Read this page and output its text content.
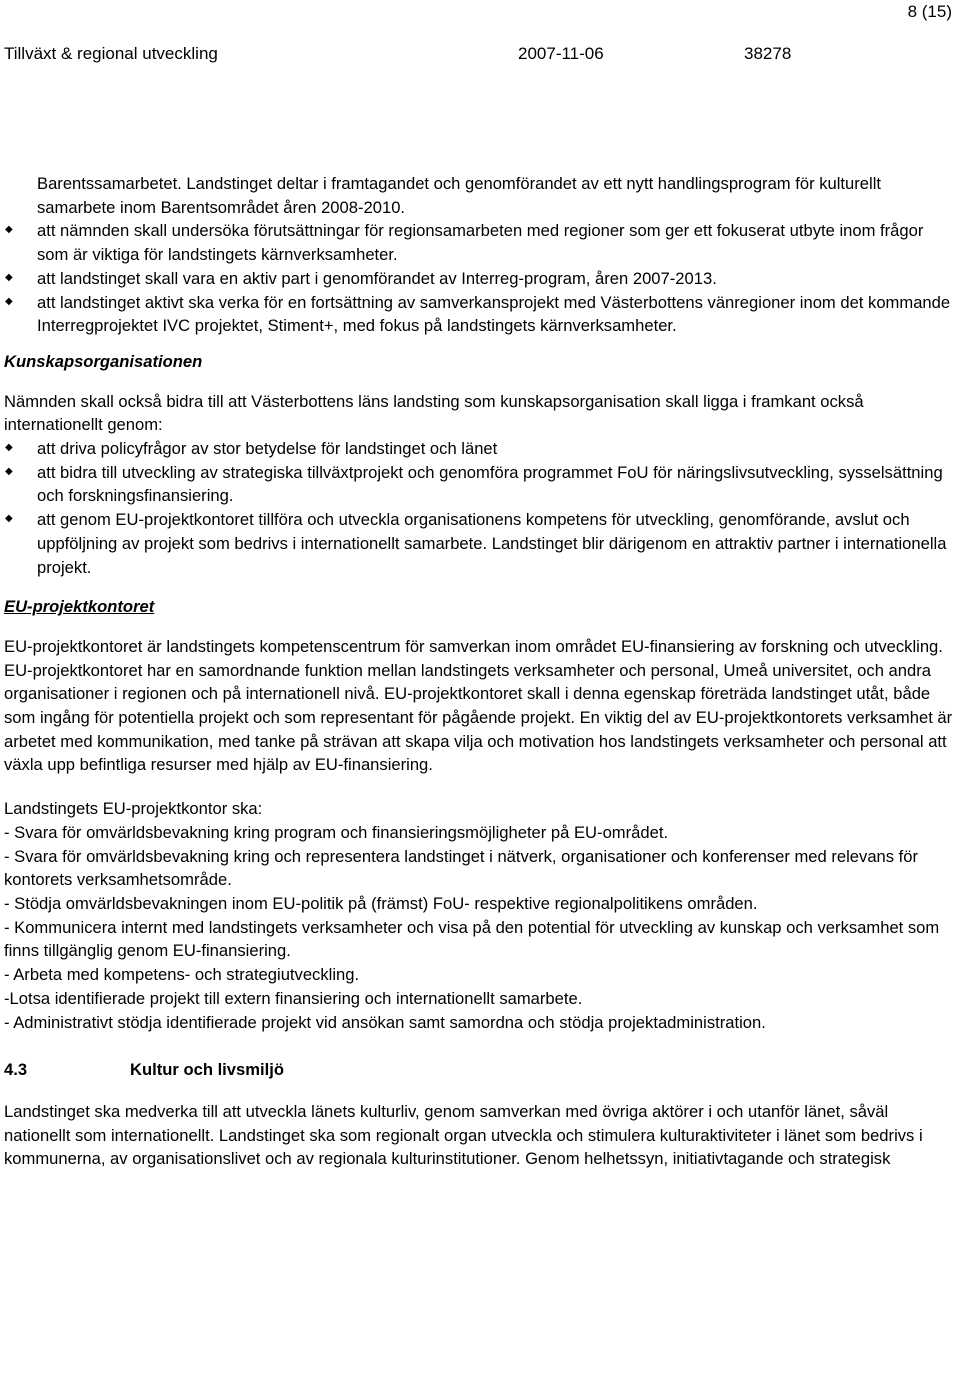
8 (15)
Tillväxt & regional utveckling	2007-11-06	38278

Barentssamarbetet. Landstinget deltar i framtagandet och genomförandet av ett nytt handlingsprogram för kulturellt samarbete inom Barentsområdet åren 2008-2010.

◆ att nämnden skall undersöka förutsättningar för regionsamarbeten med regioner som ger ett fokuserat utbyte inom frågor som är viktiga för landstingets kärnverksamheter.
◆ att landstinget skall vara en aktiv part i genomförandet av Interreg-program, åren 2007-2013.
◆ att landstinget aktivt ska verka för en fortsättning av samverkansprojekt med Västerbottens vänregioner inom det kommande Interregprojektet IVC projektet, Stiment+, med fokus på landstingets kärnverksamheter.
Kunskapsorganisationen

Nämnden skall också bidra till att Västerbottens läns landsting som kunskapsorganisation skall ligga i framkant också internationellt genom:

◆ att driva policyfrågor av stor betydelse för landstinget och länet
◆ att bidra till utveckling av strategiska tillväxtprojekt och genomföra programmet FoU för näringslivsutveckling, sysselsättning och forskningsfinansiering.
◆ att genom EU-projektkontoret tillföra och utveckla organisationens kompetens för utveckling, genomförande, avslut och uppföljning av projekt som bedrivs i internationellt samarbete. Landstinget blir därigenom en attraktiv partner i internationella projekt.
EU-projektkontoret

EU-projektkontoret är landstingets kompetenscentrum för samverkan inom området EU-finansiering av forskning och utveckling. EU-projektkontoret har en samordnande funktion mellan landstingets verksamheter och personal, Umeå universitet, och andra organisationer i regionen och på internationell nivå. EU-projektkontoret skall i denna egenskap företräda landstinget utåt, både som ingång för potentiella projekt och som representant för pågående projekt. En viktig del av EU-projektkontorets verksamhet är arbetet med kommunikation, med tanke på strävan att skapa vilja och motivation hos landstingets verksamheter och personal att växla upp befintliga resurser med hjälp av EU-finansiering.

Landstingets EU-projektkontor ska:

- Svara för omvärldsbevakning kring program och finansieringsmöjligheter på EU-området.

- Svara för omvärldsbevakning kring och representera landstinget i nätverk, organisationer och konferenser med relevans för kontorets verksamhetsområde.

- Stödja omvärldsbevakningen inom EU-politik på (främst) FoU- respektive regionalpolitikens områden.

- Kommunicera internt med landstingets verksamheter och visa på den potential för utveckling av kunskap och verksamhet som finns tillgänglig genom EU-finansiering.

- Arbeta med kompetens- och strategiutveckling.

-Lotsa identifierade projekt till extern finansiering och internationellt samarbete.

- Administrativt stödja identifierade projekt vid ansökan samt samordna och stödja projektadministration.

4.3	Kultur och livsmiljö

Landstinget ska medverka till att utveckla länets kulturliv, genom samverkan med övriga aktörer i och utanför länet, såväl nationellt som internationellt. Landstinget ska som regionalt organ utveckla och stimulera kulturaktiviteter i länet som bedrivs i kommunerna, av organisationslivet och av regionala kulturinstitutioner. Genom helhetssyn, initiativtagande och strategisk
